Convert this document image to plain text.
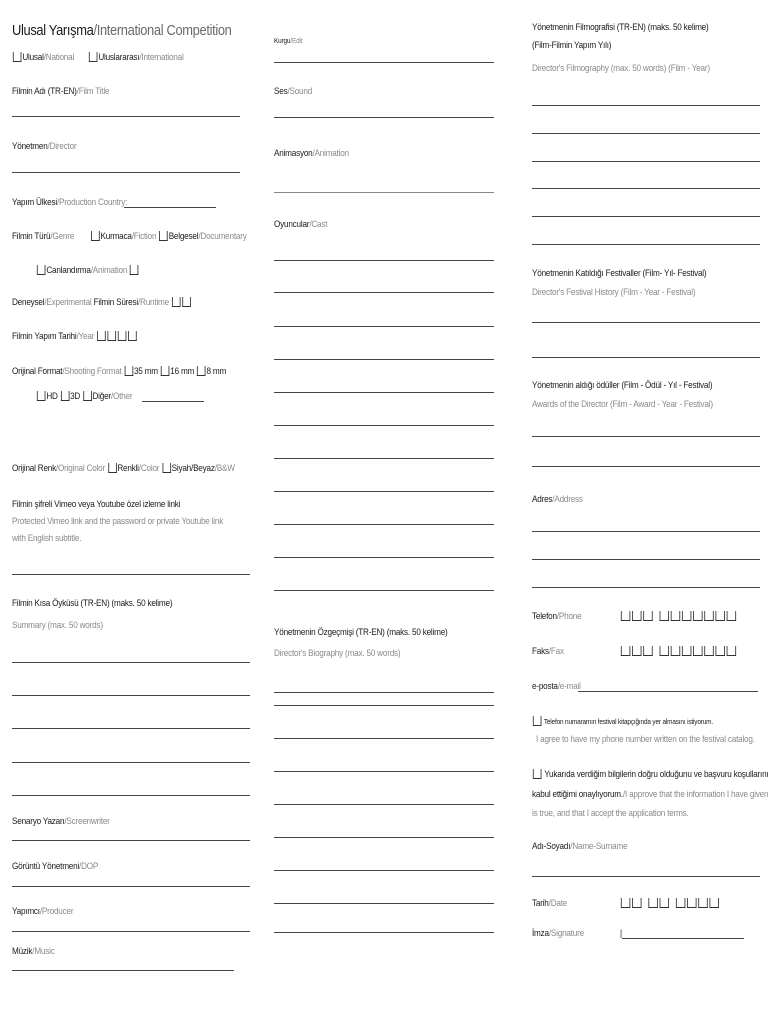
Ulusal Yarışma/International Competition
Ulusal/National	Uluslararası/International
Filmin Adı (TR-EN)/Film Title
Yönetmen/Director
Yapım Ülkesi/Production Country:
Filmin Türü/Genre	Kurmaca/Fiction Belgesel/Documentary
Canlandırma/Animation
Deneysel/Experimental Filmin Süresi/Runtime
Filmin Yapım Tarihi/Year
Orijinal Format/Shooting Format 35 mm 16 mm 8 mm
HD 3D Diğer/Other
Orijinal Renk/Original Color Renkli/Color Siyah/Beyaz/B&W
Filmin şifreli Vimeo veya Youtube özel izleme linki
Protected Vimeo link and the password or private Youtube link
with English subtitle.
Filmin Kısa Öyküsü (TR-EN) (maks. 50 kelime)
Summary (max. 50 words)
Senaryo Yazan/Screenwriter
Görüntü Yönetmeni/DOP
Yapımcı/Producer
Müzik/Music
Kurgu/Edit
Ses/Sound
Animasyon/Animation
Oyuncular/Cast
Yönetmenin Özgeçmişi (TR-EN) (maks. 50 kelime)
Director's Biography (max. 50 words)
Yönetmenin Filmografisi (TR-EN) (maks. 50 kelime)
(Film-Filmin Yapım Yılı)
Director's Filmography (max. 50 words) (Film - Year)
Yönetmenin Katıldığı Festivaller (Film- Yıl- Festival)
Director's Festival History (Film - Year - Festival)
Yönetmenin aldığı ödüller (Film - Ödül - Yıl - Festival)
Awards of the Director (Film - Award - Year - Festival)
Adres/Address
Telefon/Phone
Faks/Fax
e-posta/e-mail
Telefon numaramın festival kitapçığında yer almasını istiyorum.
I agree to have my phone number written on the festival catalog.
Yukarıda verdiğim bilgilerin doğru olduğunu ve başvuru koşullarını
kabul ettiğimi onaylıyorum./I approve that the information I have given
is true, and that I accept the application terms.
Adı-Soyadı/Name-Surname
Tarih/Date
İmza/Signature	|
